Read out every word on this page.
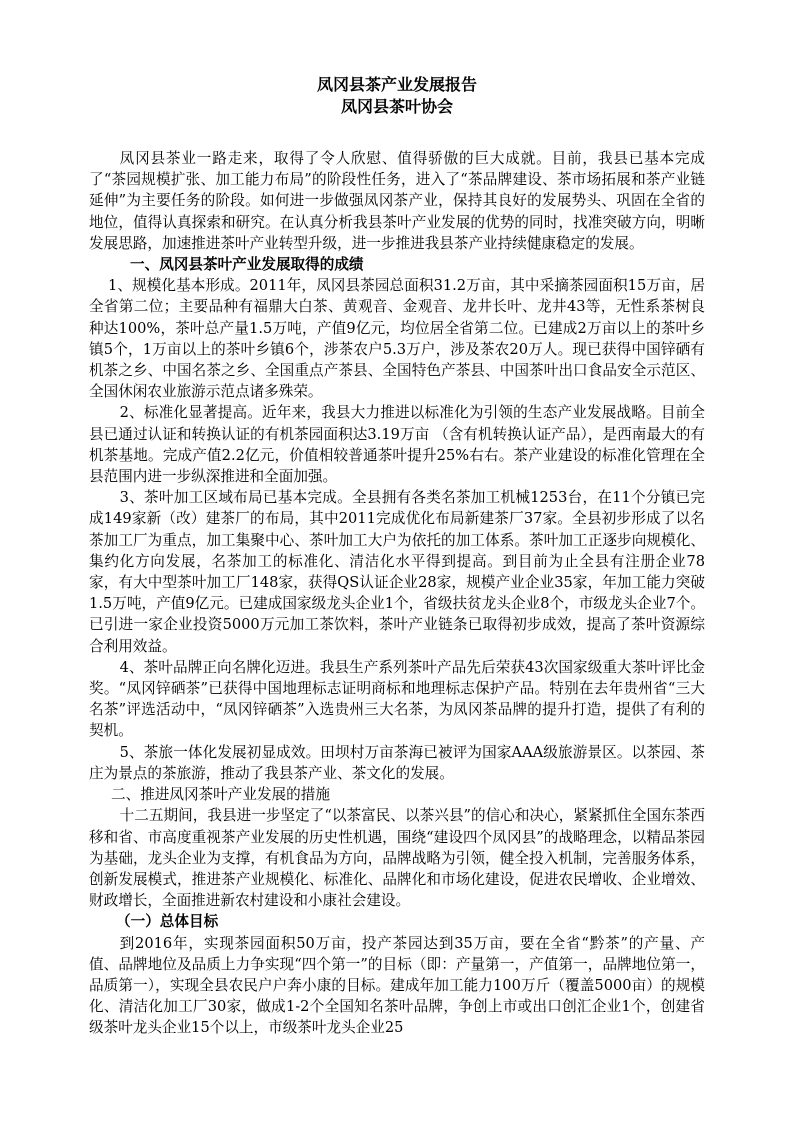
凤冈县茶产业发展报告
凤冈县茶叶协会

凤冈县茶业一路走来，取得了令人欣慰、值得骄傲的巨大成就。目前，我县已基本完成了“茶园规模扩张、加工能力布局”的阶段性任务，进入了“茶品牌建设、茶市场拓展和茶产业链延伸”为主要任务的阶段。如何进一步做强凤冈茶产业，保持其良好的发展势头、巩固在全省的地位，值得认真探索和研究。在认真分析我县茶叶产业发展的优势的同时，找准突破方向，明晰发展思路，加速推进茶叶产业转型升级，进一步推进我县茶产业持续健康稳定的发展。

一、凤冈县茶叶产业发展取得的成绩

1、规模化基本形成。2011年，凤冈县茶园总面积31.2万亩，其中采摘茶园面积15万亩，居全省第二位；主要品种有福鼎大白茶、黄观音、金观音、龙井长叶、龙井43等，无性系茶树良种达100%，茶叶总产量1.5万吨，产值9亿元，均位居全省第二位。已建成2万亩以上的茶叶乡镇5个，1万亩以上的茶叶乡镇6个，涉茶农户5.3万户，涉及茶农20万人。现已获得中国锌硒有机茶之乡、中国名茶之乡、全国重点产茶县、全国特色产茶县、中国茶叶出口食品安全示范区、全国休闲农业旅游示范点诸多殊荣。

2、标准化显著提高。近年来，我县大力推进以标准化为引领的生态产业发展战略。目前全县已通过认证和转换认证的有机茶园面积达3.19万亩 （含有机转换认证产品），是西南最大的有机茶基地。完成产值2.2亿元，价值相较普通茶叶提升25%右右。茶产业建设的标准化管理在全县范围内进一步纵深推进和全面加强。

3、茶叶加工区域布局已基本完成。全县拥有各类名茶加工机械1253台，在11个分镇已完成149家新（改）建茶厂的布局，其中2011完成优化布局新建茶厂37家。全县初步形成了以名茶加工厂为重点，加工集聚中心、茶叶加工大户为依托的加工体系。茶叶加工正逐步向规模化、集约化方向发展，名茶加工的标准化、清洁化水平得到提高。到目前为止全县有注册企业78家，有大中型茶叶加工厂148家，获得QS认证企业28家，规模产业企业35家，年加工能力突破1.5万吨，产值9亿元。已建成国家级龙头企业1个，省级扶贫龙头企业8个，市级龙头企业7个。已引进一家企业投资5000万元加工茶饮料，茶叶产业链条已取得初步成效，提高了茶叶资源综合利用效益。

4、茶叶品牌正向名牌化迈进。我县生产系列茶叶产品先后荣获43次国家级重大茶叶评比金奖。“凤冈锌硒茶”已获得中国地理标志证明商标和地理标志保护产品。特别在去年贵州省“三大名茶”评选活动中，“凤冈锌硒茶”入选贵州三大名茶，为凤冈茶品牌的提升打造，提供了有利的契机。

5、茶旅一体化发展初显成效。田坝村万亩茶海已被评为国家AAA级旅游景区。以茶园、茶庄为景点的茶旅游，推动了我县茶产业、茶文化的发展。

二、推进凤冈茶叶产业发展的措施

十二五期间，我县进一步坚定了“以茶富民、以茶兴县”的信心和决心，紧紧抓住全国东茶西移和省、市高度重视茶产业发展的历史性机遇，围绕“建设四个凤冈县”的战略理念，以精品茶园为基础，龙头企业为支撑，有机食品为方向，品牌战略为引领，健全投入机制，完善服务体系，创新发展模式，推进茶产业规模化、标准化、品牌化和市场化建设，促进农民增收、企业增效、财政增长，全面推进新农村建设和小康社会建设。

（一）总体目标

到2016年，实现茶园面积50万亩，投产茶园达到35万亩，要在全省“黔茶”的产量、产值、品牌地位及品质上力争实现“四个第一”的目标（即：产量第一，产值第一，品牌地位第一，品质第一），实现全县农民户户奔小康的目标。建成年加工能力100万斤（覆盖5000亩）的规模化、清洁化加工厂30家，做成1-2个全国知名茶叶品牌，争创上市或出口创汇企业1个，创建省级茶叶龙头企业15个以上，市级茶叶龙头企业25
